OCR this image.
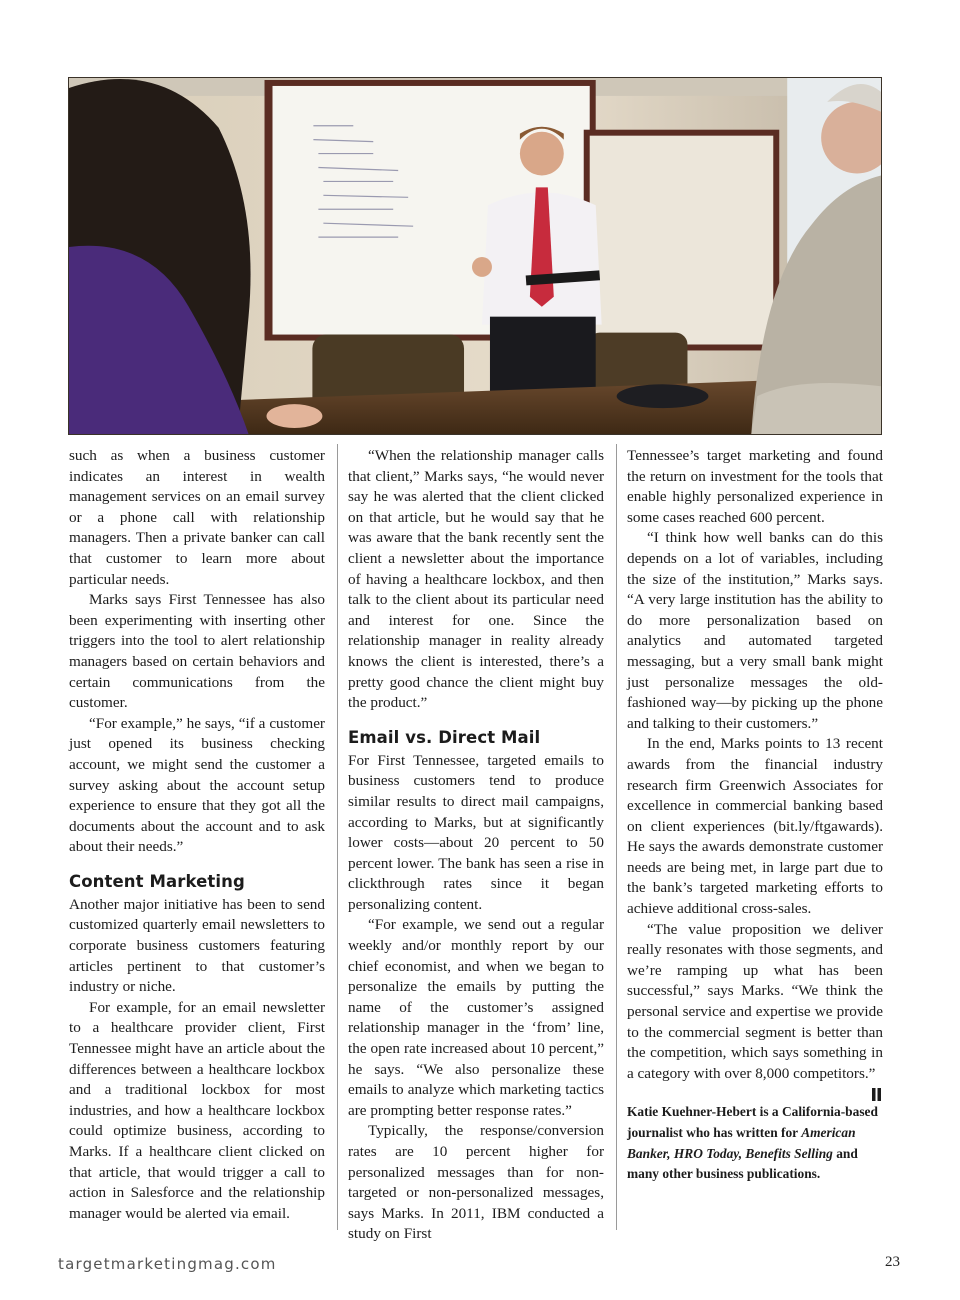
such as when a business customer indicates an interest in wealth management services on an email survey or a phone call with relationship managers. Then a private banker can call that customer to learn more about particular needs.

Marks says First Tennessee has also been experimenting with inserting other triggers into the tool to alert relationship managers based on certain behaviors and certain communications from the customer.

“For example,” he says, “if a customer just opened its business checking account, we might send the customer a survey asking about the account setup experience to ensure that they got all the documents about the account and to ask about their needs.”

Content Marketing

Another major initiative has been to send customized quarterly email newsletters to corporate business customers featuring articles pertinent to that customer’s industry or niche.

For example, for an email newsletter to a healthcare provider client, First Tennessee might have an article about the differences between a healthcare lockbox and a traditional lockbox for most industries, and how a healthcare lockbox could optimize business, according to Marks. If a healthcare client clicked on that article, that would trigger a call to action in Salesforce and the relationship manager would be alerted via email.

“When the relationship manager calls that client,” Marks says, “he would never say he was alerted that the client clicked on that article, but he would say that he was aware that the bank recently sent the client a newsletter about the importance of having a healthcare lockbox, and then talk to the client about its particular need and interest for one. Since the relationship manager in reality already knows the client is interested, there’s a pretty good chance the client might buy the product.”

Email vs. Direct Mail

For First Tennessee, targeted emails to business customers tend to produce similar results to direct mail campaigns, according to Marks, but at significantly lower costs—about 20 percent to 50 percent lower. The bank has seen a rise in clickthrough rates since it began personalizing content.

“For example, we send out a regular weekly and/or monthly report by our chief economist, and when we began to personalize the emails by putting the name of the customer’s assigned relationship manager in the ‘from’ line, the open rate increased about 10 percent,” he says. “We also personalize these emails to analyze which marketing tactics are prompting better response rates.”

Typically, the response/conversion rates are 10 percent higher for personalized messages than for non-targeted or non-personalized messages, says Marks. In 2011, IBM conducted a study on First

Tennessee’s target marketing and found the return on investment for the tools that enable highly personalized experience in some cases reached 600 percent.

“I think how well banks can do this depends on a lot of variables, including the size of the institution,” Marks says. “A very large institution has the ability to do more personalization based on analytics and automated targeted messaging, but a very small bank might just personalize messages the old-fashioned way—by picking up the phone and talking to their customers.”

In the end, Marks points to 13 recent awards from the financial industry research firm Greenwich Associates for excellence in commercial banking based on client experiences (bit.ly/ftgawards). He says the awards demonstrate customer needs are being met, in large part due to the bank’s targeted marketing efforts to achieve additional cross-sales.

“The value proposition we deliver really resonates with those segments, and we’re ramping up what has been successful,” says Marks. “We think the personal service and expertise we provide to the commercial segment is better than the competition, which says something in a category with over 8,000 competitors.”

Katie Kuehner-Hebert is a California-based journalist who has written for American Banker, HRO Today, Benefits Selling and many other business publications.
targetmarketingmag.com	23
